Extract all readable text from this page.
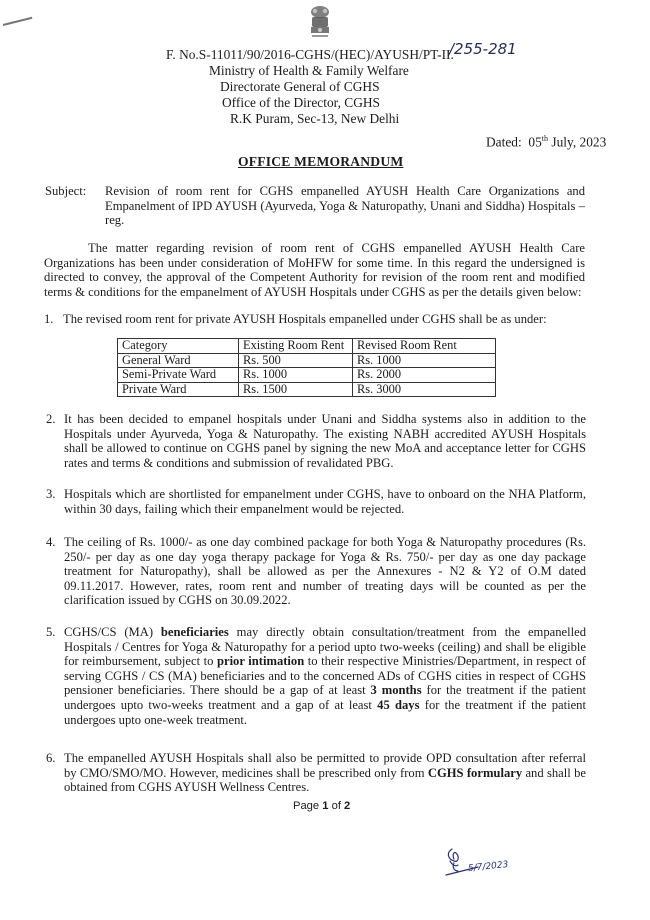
F. No.S-11011/90/2016-CGHS/(HEC)/AYUSH/PT-II.
/255-281
Ministry of Health & Family Welfare
Directorate General of CGHS
Office of the Director, CGHS
R.K Puram, Sec-13, New Delhi
Dated: 05th July, 2023
OFFICE MEMORANDUM
Subject: Revision of room rent for CGHS empanelled AYUSH Health Care Organizations and Empanelment of IPD AYUSH (Ayurveda, Yoga & Naturopathy, Unani and Siddha) Hospitals – reg.
The matter regarding revision of room rent of CGHS empanelled AYUSH Health Care Organizations has been under consideration of MoHFW for some time. In this regard the undersigned is directed to convey, the approval of the Competent Authority for revision of the room rent and modified terms & conditions for the empanelment of AYUSH Hospitals under CGHS as per the details given below:
1. The revised room rent for private AYUSH Hospitals empanelled under CGHS shall be as under:
Category	Existing Room Rent	Revised Room Rent
General Ward	Rs. 500	Rs. 1000
Semi-Private Ward	Rs. 1000	Rs. 2000
Private Ward	Rs. 1500	Rs. 3000
2. It has been decided to empanel hospitals under Unani and Siddha systems also in addition to the Hospitals under Ayurveda, Yoga & Naturopathy. The existing NABH accredited AYUSH Hospitals shall be allowed to continue on CGHS panel by signing the new MoA and acceptance letter for CGHS rates and terms & conditions and submission of revalidated PBG.
3. Hospitals which are shortlisted for empanelment under CGHS, have to onboard on the NHA Platform, within 30 days, failing which their empanelment would be rejected.
4. The ceiling of Rs. 1000/- as one day combined package for both Yoga & Naturopathy procedures (Rs. 250/- per day as one day yoga therapy package for Yoga & Rs. 750/- per day as one day package treatment for Naturopathy), shall be allowed as per the Annexures - N2 & Y2 of O.M dated 09.11.2017. However, rates, room rent and number of treating days will be counted as per the clarification issued by CGHS on 30.09.2022.
5. CGHS/CS (MA) beneficiaries may directly obtain consultation/treatment from the empanelled Hospitals / Centres for Yoga & Naturopathy for a period upto two-weeks (ceiling) and shall be eligible for reimbursement, subject to prior intimation to their respective Ministries/Department, in respect of serving CGHS / CS (MA) beneficiaries and to the concerned ADs of CGHS cities in respect of CGHS pensioner beneficiaries. There should be a gap of at least 3 months for the treatment if the patient undergoes upto two-weeks treatment and a gap of at least 45 days for the treatment if the patient undergoes upto one-week treatment.
6. The empanelled AYUSH Hospitals shall also be permitted to provide OPD consultation after referral by CMO/SMO/MO. However, medicines shall be prescribed only from CGHS formulary and shall be obtained from CGHS AYUSH Wellness Centres.
Page 1 of 2
5/7/2023
